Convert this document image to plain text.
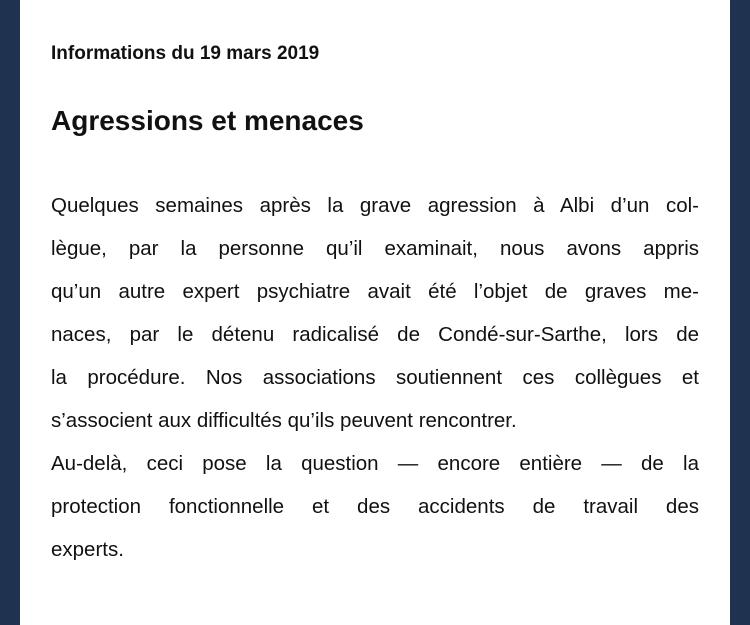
Informations du 19 mars 2019

Agressions et menaces

Quelques semaines après la grave agression à Albi d’un col-
lègue, par la personne qu’il examinait, nous avons appris
qu’un autre expert psychiatre avait été l’objet de graves me-
naces, par le détenu radicalisé de Condé-sur-Sarthe, lors de
la procédure. Nos associations soutiennent ces collègues et
s’associent aux difficultés qu’ils peuvent rencontrer.

Au-delà, ceci pose la question — encore entière — de la
protection fonctionnelle et des accidents de travail des
experts.
